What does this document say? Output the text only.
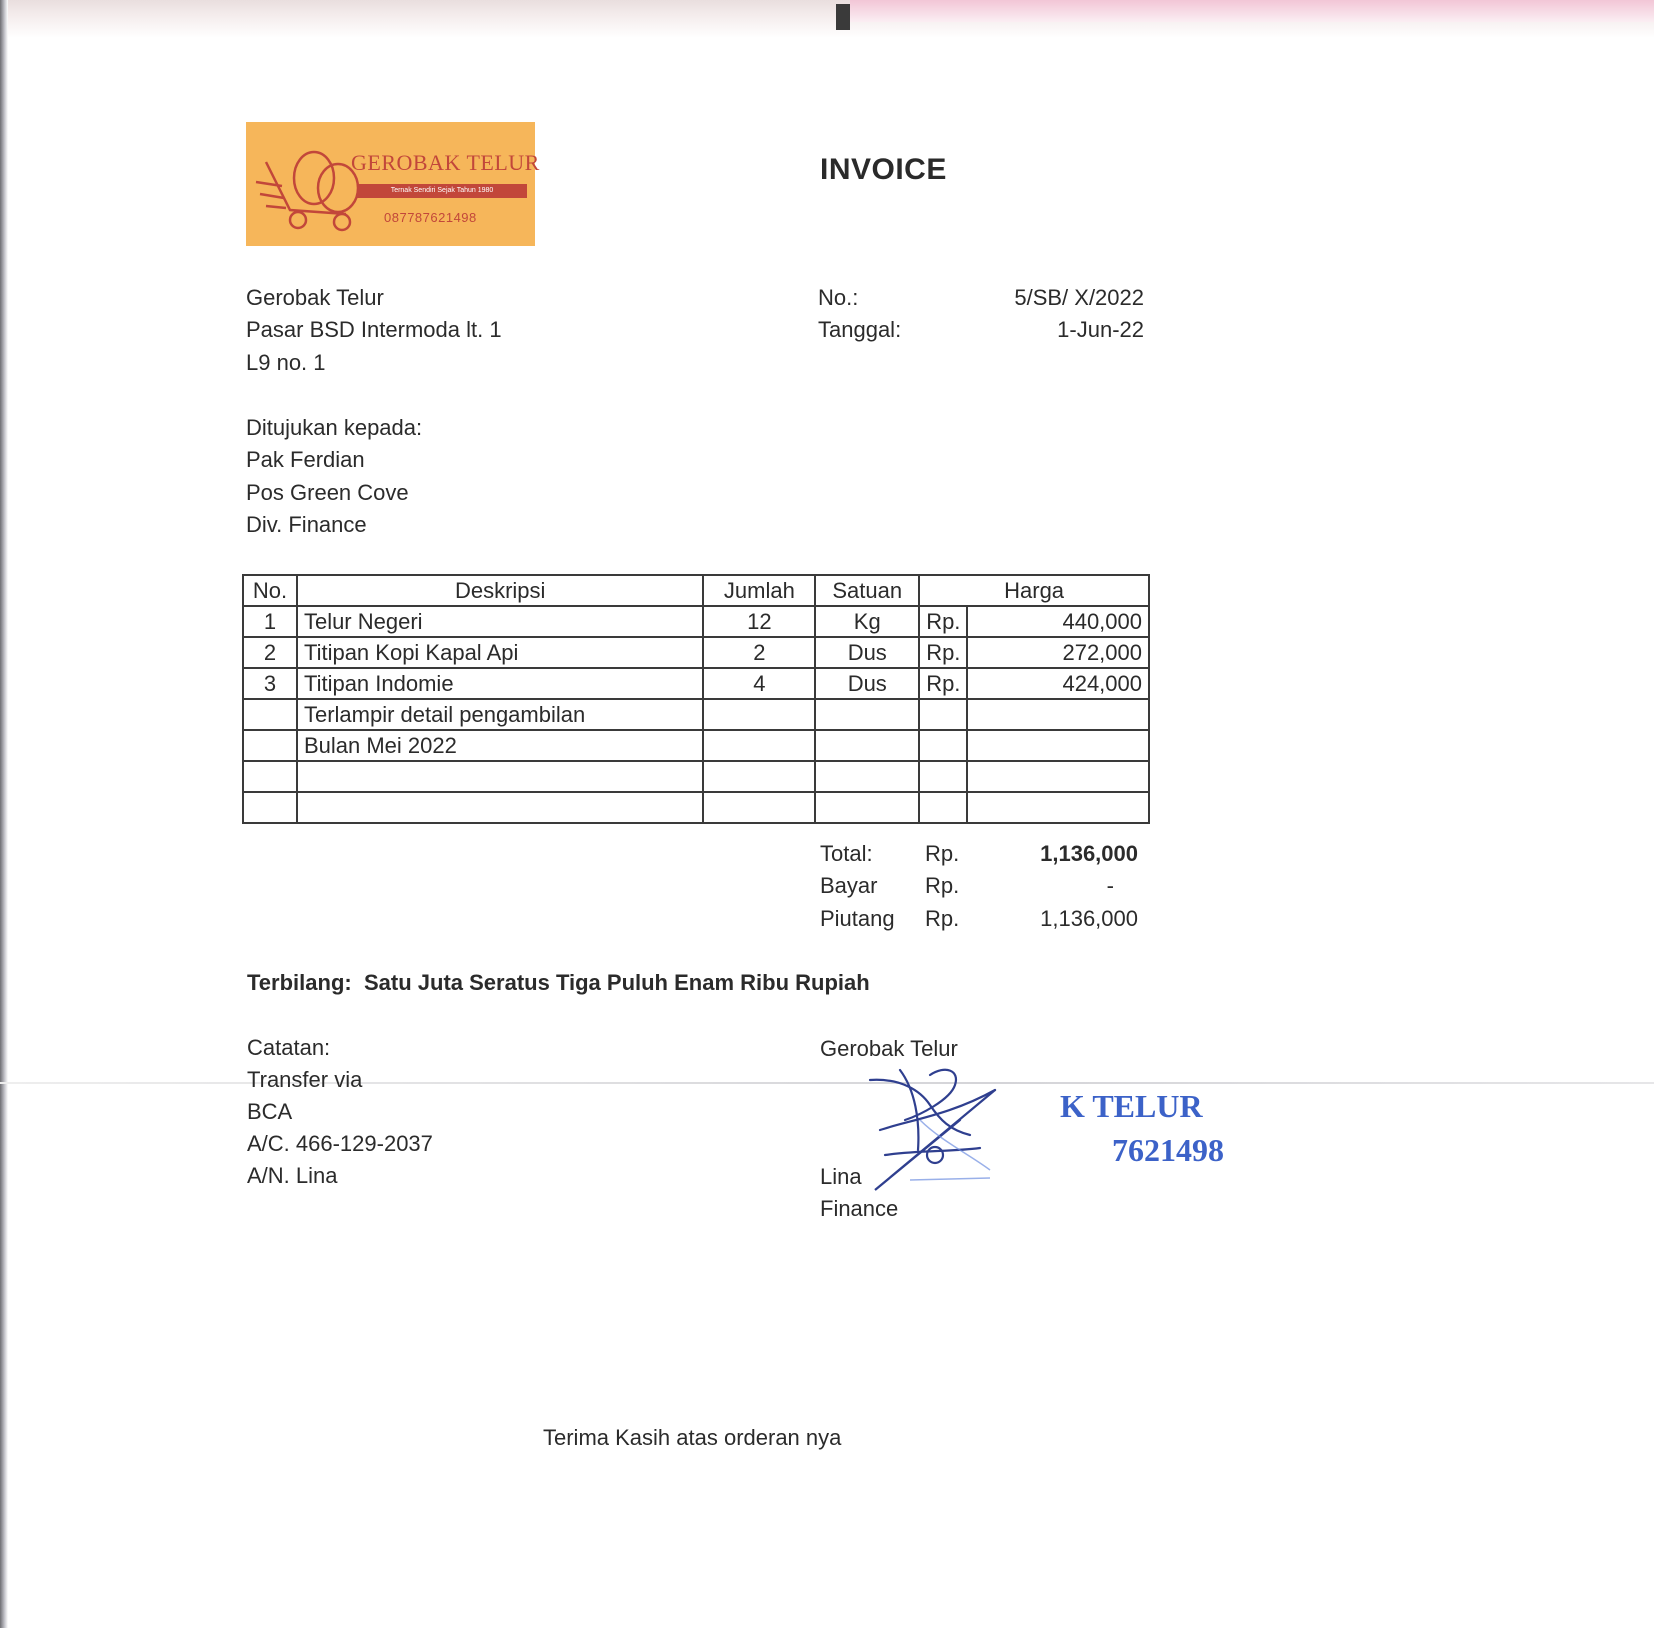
GEROBAK TELUR
Ternak Sendiri Sejak Tahun 1980
087787621498
INVOICE
Gerobak Telur
Pasar BSD Intermoda lt. 1
L9 no. 1
No.:	5/SB/ X/2022
Tanggal:	1-Jun-22
Ditujukan kepada:
Pak Ferdian
Pos Green Cove
Div. Finance
No.	Deskripsi	Jumlah	Satuan	Harga	
1	Telur Negeri	12	Kg	Rp.	440,000
2	Titipan Kopi Kapal Api	2	Dus	Rp.	272,000
3	Titipan Indomie	4	Dus	Rp.	424,000
	Terlampir detail pengambilan				
	Bulan Mei 2022				

Total: Rp.	1,136,000
Bayar Rp.	-
Piutang Rp.	1,136,000
Terbilang: Satu Juta Seratus Tiga Puluh Enam Ribu Rupiah
Catatan:
Transfer via
BCA
A/C. 466-129-2037
A/N. Lina
Gerobak Telur
K TELUR
7621498
Lina
Finance
Terima Kasih atas orderan nya
